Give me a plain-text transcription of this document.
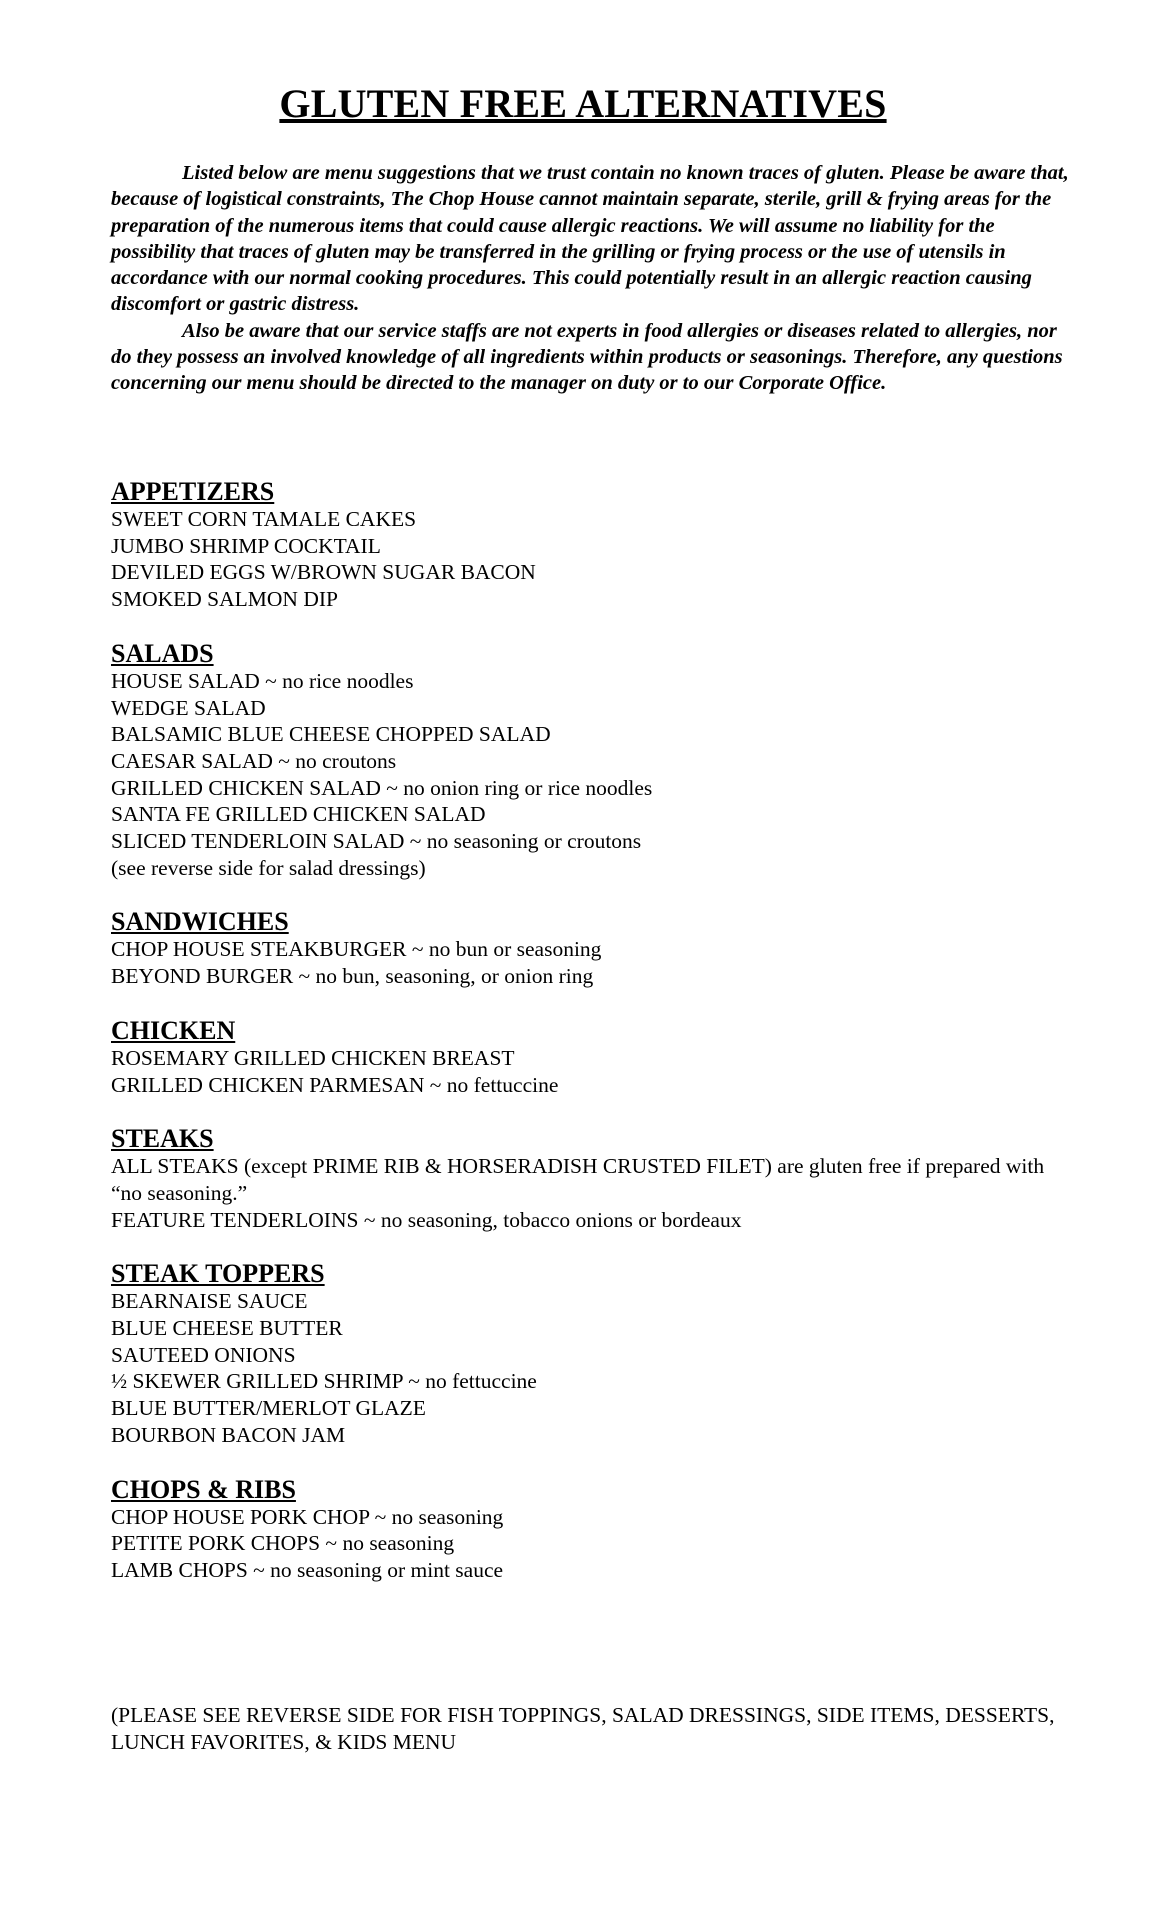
GLUTEN FREE ALTERNATIVES

Listed below are menu suggestions that we trust contain no known traces of gluten. Please be aware that, because of logistical constraints, The Chop House cannot maintain separate, sterile, grill & frying areas for the preparation of the numerous items that could cause allergic reactions. We will assume no liability for the possibility that traces of gluten may be transferred in the grilling or frying process or the use of utensils in accordance with our normal cooking procedures. This could potentially result in an allergic reaction causing discomfort or gastric distress.

Also be aware that our service staffs are not experts in food allergies or diseases related to allergies, nor do they possess an involved knowledge of all ingredients within products or seasonings. Therefore, any questions concerning our menu should be directed to the manager on duty or to our Corporate Office.

APPETIZERS
SWEET CORN TAMALE CAKES
JUMBO SHRIMP COCKTAIL
DEVILED EGGS W/BROWN SUGAR BACON
SMOKED SALMON DIP
SALADS
HOUSE SALAD ~ no rice noodles
WEDGE SALAD
BALSAMIC BLUE CHEESE CHOPPED SALAD
CAESAR SALAD ~ no croutons
GRILLED CHICKEN SALAD ~ no onion ring or rice noodles
SANTA FE GRILLED CHICKEN SALAD
SLICED TENDERLOIN SALAD ~ no seasoning or croutons
(see reverse side for salad dressings)
SANDWICHES
CHOP HOUSE STEAKBURGER ~ no bun or seasoning
BEYOND BURGER ~ no bun, seasoning, or onion ring
CHICKEN
ROSEMARY GRILLED CHICKEN BREAST
GRILLED CHICKEN PARMESAN ~ no fettuccine
STEAKS
ALL STEAKS (except PRIME RIB & HORSERADISH CRUSTED FILET) are gluten free if prepared with “no seasoning.”
FEATURE TENDERLOINS ~ no seasoning, tobacco onions or bordeaux
STEAK TOPPERS
BEARNAISE SAUCE
BLUE CHEESE BUTTER
SAUTEED ONIONS
½ SKEWER GRILLED SHRIMP ~ no fettuccine
BLUE BUTTER/MERLOT GLAZE
BOURBON BACON JAM
CHOPS & RIBS
CHOP HOUSE PORK CHOP ~ no seasoning
PETITE PORK CHOPS ~ no seasoning
LAMB CHOPS ~ no seasoning or mint sauce
(PLEASE SEE REVERSE SIDE FOR FISH TOPPINGS, SALAD DRESSINGS, SIDE ITEMS, DESSERTS, LUNCH FAVORITES, & KIDS MENU
